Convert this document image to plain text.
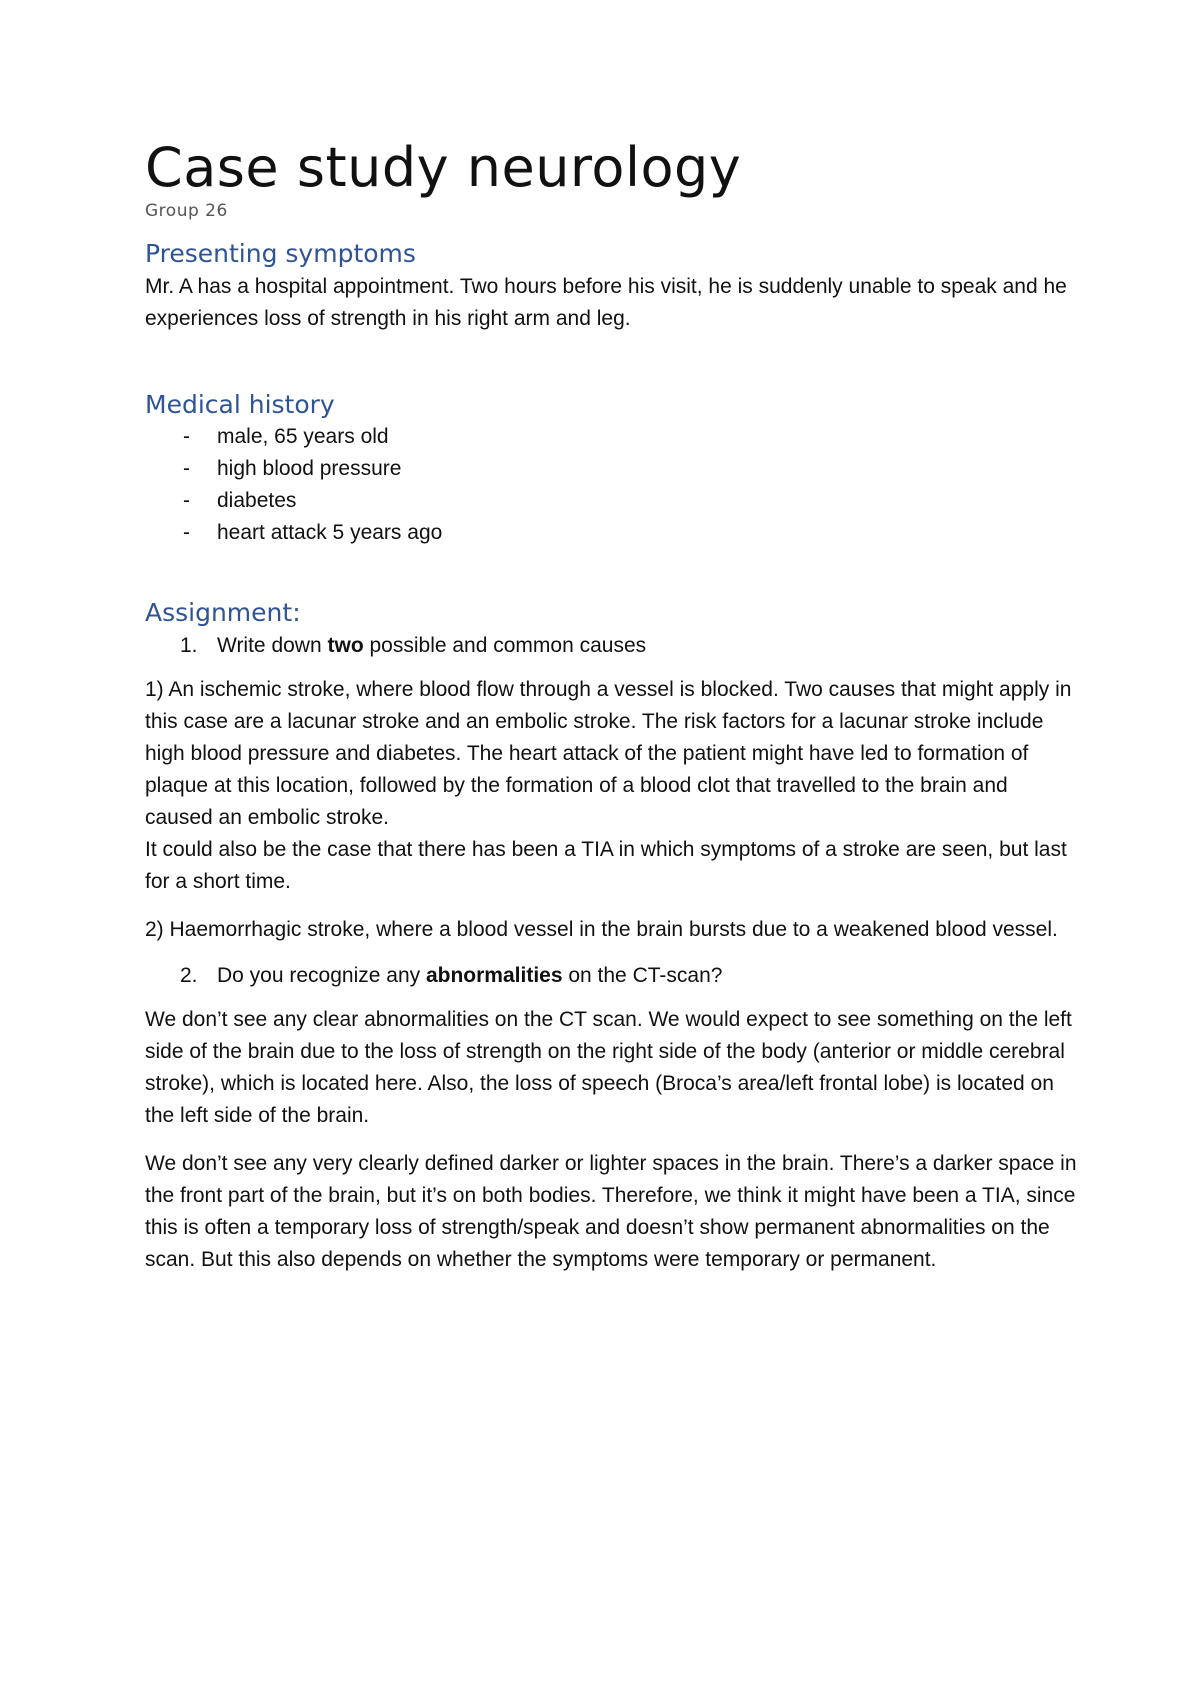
Case study neurology

Group 26

Presenting symptoms

Mr. A has a hospital appointment. Two hours before his visit, he is suddenly unable to speak and he experiences loss of strength in his right arm and leg.

Medical history
- male, 65 years old
- high blood pressure
- diabetes
- heart attack 5 years ago
Assignment:

1. Write down two possible and common causes

1) An ischemic stroke, where blood flow through a vessel is blocked. Two causes that might apply in this case are a lacunar stroke and an embolic stroke. The risk factors for a lacunar stroke include high blood pressure and diabetes. The heart attack of the patient might have led to formation of plaque at this location, followed by the formation of a blood clot that travelled to the brain and caused an embolic stroke.

It could also be the case that there has been a TIA in which symptoms of a stroke are seen, but last for a short time.

2) Haemorrhagic stroke, where a blood vessel in the brain bursts due to a weakened blood vessel.

2. Do you recognize any abnormalities on the CT-scan?

We don’t see any clear abnormalities on the CT scan. We would expect to see something on the left side of the brain due to the loss of strength on the right side of the body (anterior or middle cerebral stroke), which is located here. Also, the loss of speech (Broca’s area/left frontal lobe) is located on the left side of the brain.

We don’t see any very clearly defined darker or lighter spaces in the brain. There’s a darker space in the front part of the brain, but it’s on both bodies. Therefore, we think it might have been a TIA, since this is often a temporary loss of strength/speak and doesn’t show permanent abnormalities on the scan. But this also depends on whether the symptoms were temporary or permanent.
